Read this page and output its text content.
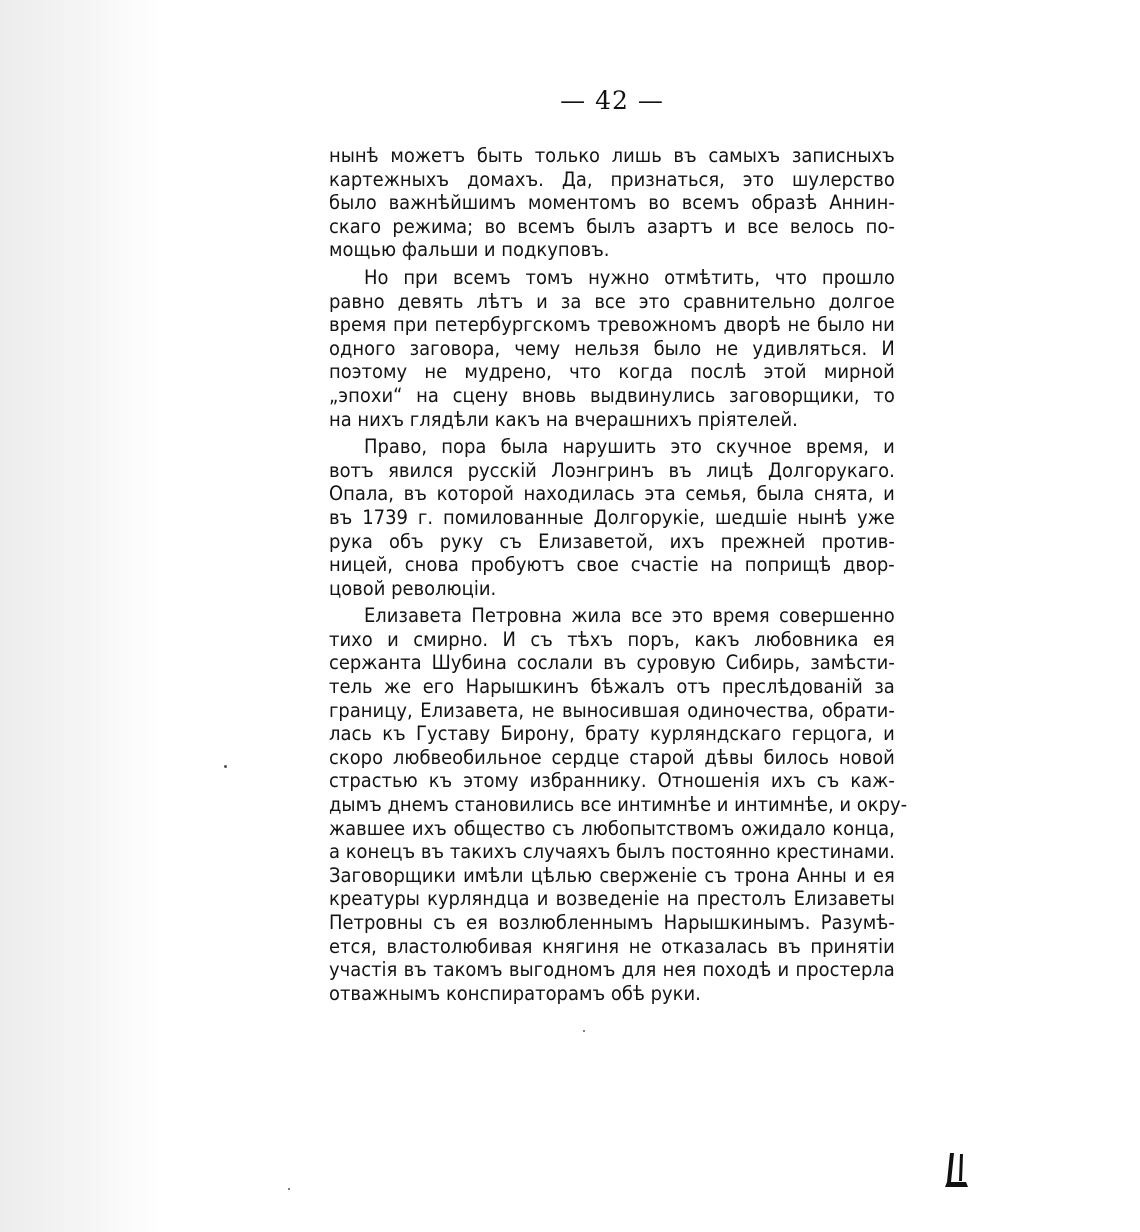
— 42 —

нынѣ можетъ быть только лишь въ самыхъ записныхъ
картежныхъ домахъ. Да, признаться, это шулерство
было важнѣйшимъ моментомъ во всемъ образѣ Аннин-
скаго режима; во всемъ былъ азартъ и все велось по-
мощью фальши и подкуповъ.

Но при всемъ томъ нужно отмѣтить, что прошло
равно девять лѣтъ и за все это сравнительно долгое
время при петербургскомъ тревожномъ дворѣ не было ни
одного заговора, чему нельзя было не удивляться. И
поэтому не мудрено, что когда послѣ этой мирной
„эпохи“ на сцену вновь выдвинулись заговорщики, то
на нихъ глядѣли какъ на вчерашнихъ прiятелей.

Право, пора была нарушить это скучное время, и
вотъ явился русскiй Лоэнгринъ въ лицѣ Долгорукаго.
Опала, въ которой находилась эта семья, была снята, и
въ 1739 г. помилованные Долгорукiе, шедшiе нынѣ уже
рука объ руку съ Елизаветой, ихъ прежней против-
ницей, снова пробуютъ свое счастiе на поприщѣ двор-
цовой революцiи.

Елизавета Петровна жила все это время совершенно
тихо и смирно. И съ тѣхъ поръ, какъ любовника ея
сержанта Шубина сослали въ суровую Сибирь, замѣсти-
тель же его Нарышкинъ бѣжалъ отъ преслѣдованiй за
границу, Елизавета, не выносившая одиночества, обрати-
лась къ Густаву Бирону, брату курляндскаго герцога, и
скоро любвеобильное сердце старой дѣвы билось новой
страстью къ этому избраннику. Отношенiя ихъ съ каж-
дымъ днемъ становились все интимнѣе и интимнѣе, и окру-
жавшее ихъ общество съ любопытствомъ ожидало конца,
а конецъ въ такихъ случаяхъ былъ постоянно крестинами.
Заговорщики имѣли цѣлью сверженiе съ трона Анны и ея
креатуры курляндца и возведенiе на престолъ Елизаветы
Петровны съ ея возлюбленнымъ Нарышкинымъ. Разумѣ-
ется, властолюбивая княгиня не отказалась въ принятiи
участiя въ такомъ выгодномъ для нея походѣ и простерла
отважнымъ конспираторамъ обѣ руки.
